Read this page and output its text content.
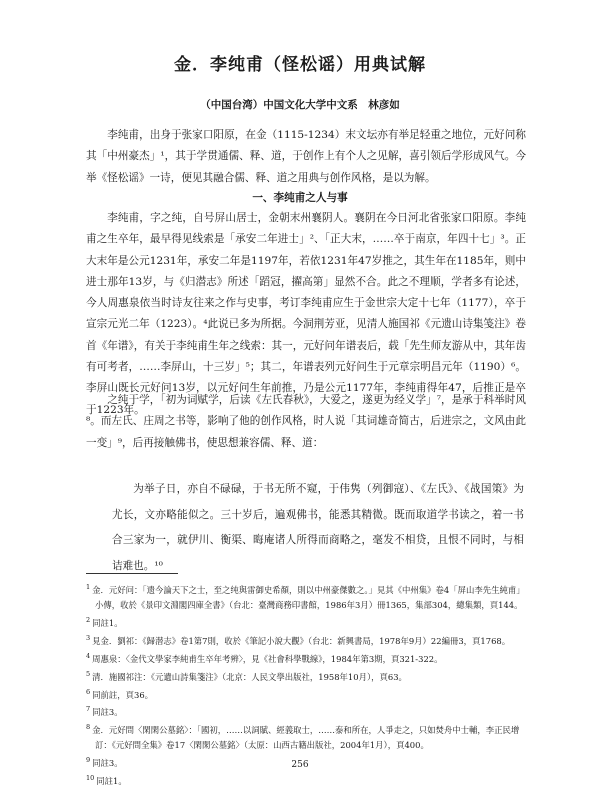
金．李纯甫（怪松谣）用典试解
（中国台湾）中国文化大学中文系　林彦如

李纯甫，出身于张家口阳原，在金（1115-1234）末文坛亦有举足轻重之地位，元好问称其「中州豪杰」¹，其于学贯通儒、释、道，于创作上有个人之见解，喜引领后学形成风气。今举《怪松谣》一诗，便见其融合儒、释、道之用典与创作风格，是以为解。

一、李纯甫之人与事

李纯甫，字之纯，自号屏山居士，金朝末州襄阴人。襄阴在今日河北省张家口阳原。李纯甫之生卒年，最早得见线索是「承安二年进士」²、「正大末，……卒于南京，年四十七」³。正大末年是公元1231年，承安二年是1197年，若依1231年47岁推之，其生年在1185年，则中进士那年13岁，与《归潜志》所述「蹈冠，擢高第」显然不合。此之不理顺，学者多有论述，今人周惠泉依当时诗友往来之作与史事，考订李纯甫应生于金世宗大定十七年（1177），卒于宣宗元光二年（1223）。⁴此说已多为所据。今洞荆芳亚，见清人施国祁《元遗山诗集笺注》卷首《年谱》，有关于李纯甫生年之线索：其一，元好问年谱表后，载「先生师友游从中，其年齿有可考者，……李屏山，十三岁」⁵；其二，年谱表列元好问生于元章宗明昌元年（1190）⁶。李屏山既长元好问13岁，以元好问生年前推，乃是公元1177年，李纯甫得年47，后推正是卒于1223年。

之纯于学，「初为词赋学，后读《左氏春秋》，大爱之，遂更为经义学」⁷，是承于科举时风⁸。而左氏、庄周之书等，影响了他的创作风格，时人说「其词雄奇简古，后进宗之，文风由此一变」⁹，后再接触佛书，使思想兼容儒、释、道：

为举子日，亦自不碌碌，于书无所不窥，于伟隽（列御寇）、《左氏》、《战国策》为尤长，文亦略能似之。三十岁后，遍观佛书，能悉其精微。既而取道学书读之，着一书合三家为一，就伊川、衡渠、晦庵诸人所得而商略之，毫发不相贷，且恨不同时，与相诘难也。¹⁰

$^1$ 金．元好问：「遗今論天下之士，至之纯與雷御史希顏，則以中州豪傑數之。」見其《中州集》卷4「屏山李先生純甫」小傳，收於《景印文淵閣四庫全書》（台北：臺灣商務印書館，1986年3月）冊1365，集部304，總集類，頁144。
$^2$ 同註1。
$^3$ 見金．劉祁：《歸潜志》卷1第7則，收於《筆記小說大觀》（台北：新興書局，1978年9月）22編冊3，頁1768。
$^4$ 周惠泉：〈金代文學家李純甫生卒年考辨〉，見《社會科學戰線》，1984年第3期，頁321-322。
$^5$ 清．施國祁注：《元遺山詩集箋注》（北京：人民文學出版社，1958年10月），頁63。
$^6$ 同前註，頁36。
$^7$ 同註3。
$^8$ 金．元好問〈閑閑公墓銘〉：「國初，……以詞賦、經義取士，……泰和所在，人爭走之，只如焚舟中士輔，李正民增訂：《元好問全集》卷17〈閑閑公墓銘〉（太原：山西古籍出版社，2004年1月），頁400。
$^9$ 同註3。
$^{10}$ 同註1。
256
